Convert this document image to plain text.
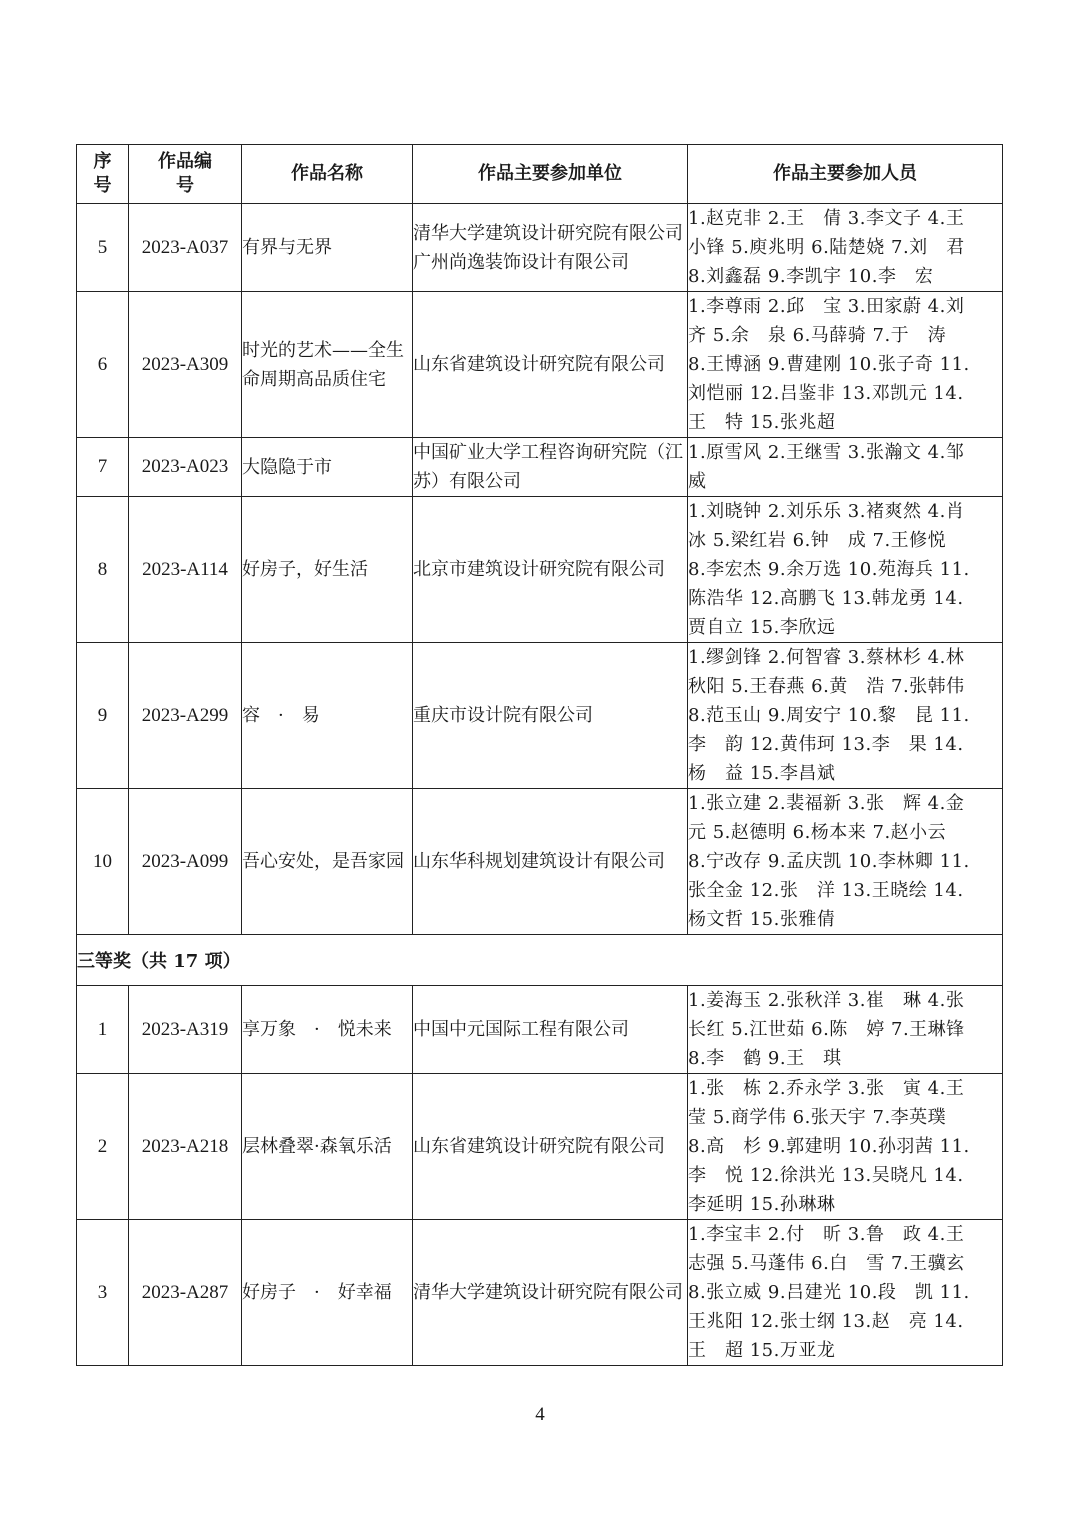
序号	作品编号	作品名称	作品主要参加单位	作品主要参加人员
5	2023-A037	有界与无界	清华大学建筑设计研究院有限公司
广州尚逸装饰设计有限公司	1.赵克非 2.王　倩 3.李文子 4.王
小锋 5.庾兆明 6.陆楚娆 7.刘　君
8.刘鑫磊 9.李凯宇 10.李　宏
6	2023-A309	时光的艺术——全生命周期高品质住宅	山东省建筑设计研究院有限公司	1.李尊雨 2.邱　宝 3.田家蔚 4.刘
齐 5.余　泉 6.马薛骑 7.于　涛
8.王博涵 9.曹建刚 10.张子奇 11.
刘恺丽 12.吕鉴非 13.邓凯元 14.
王　特 15.张兆超
7	2023-A023	大隐隐于市	中国矿业大学工程咨询研究院（江苏）有限公司	1.原雪风 2.王继雪 3.张瀚文 4.邹
威
8	2023-A114	好房子，好生活	北京市建筑设计研究院有限公司	1.刘晓钟 2.刘乐乐 3.褚爽然 4.肖
冰 5.梁红岩 6.钟　成 7.王修悦
8.李宏杰 9.余万选 10.苑海兵 11.
陈浩华 12.高鹏飞 13.韩龙勇 14.
贾自立 15.李欣远
9	2023-A299	容　·　易	重庆市设计院有限公司	1.缪剑锋 2.何智睿 3.蔡林杉 4.林
秋阳 5.王春燕 6.黄　浩 7.张韩伟
8.范玉山 9.周安宁 10.黎　昆 11.
李　韵 12.黄伟珂 13.李　果 14.
杨　益 15.李昌斌
10	2023-A099	吾心安处，是吾家园	山东华科规划建筑设计有限公司	1.张立建 2.裴福新 3.张　辉 4.金
元 5.赵德明 6.杨本来 7.赵小云
8.宁改存 9.孟庆凯 10.李林卿 11.
张全金 12.张　洋 13.王晓绘 14.
杨文哲 15.张雅倩
三等奖（共 17 项）				
1	2023-A319	享万象　·　悦未来	中国中元国际工程有限公司	1.姜海玉 2.张秋洋 3.崔　琳 4.张
长红 5.江世茹 6.陈　婷 7.王琳锋
8.李　鹤 9.王　琪
2	2023-A218	层林叠翠·森氧乐活	山东省建筑设计研究院有限公司	1.张　栋 2.乔永学 3.张　寅 4.王
莹 5.商学伟 6.张天宇 7.李英璞
8.高　杉 9.郭建明 10.孙羽茜 11.
李　悦 12.徐洪光 13.吴晓凡 14.
李延明 15.孙琳琳
3	2023-A287	好房子　·　好幸福	清华大学建筑设计研究院有限公司	1.李宝丰 2.付　昕 3.鲁　政 4.王
志强 5.马蓬伟 6.白　雪 7.王骥玄
8.张立威 9.吕建光 10.段　凯 11.
王兆阳 12.张士纲 13.赵　亮 14.
王　超 15.万亚龙
4
